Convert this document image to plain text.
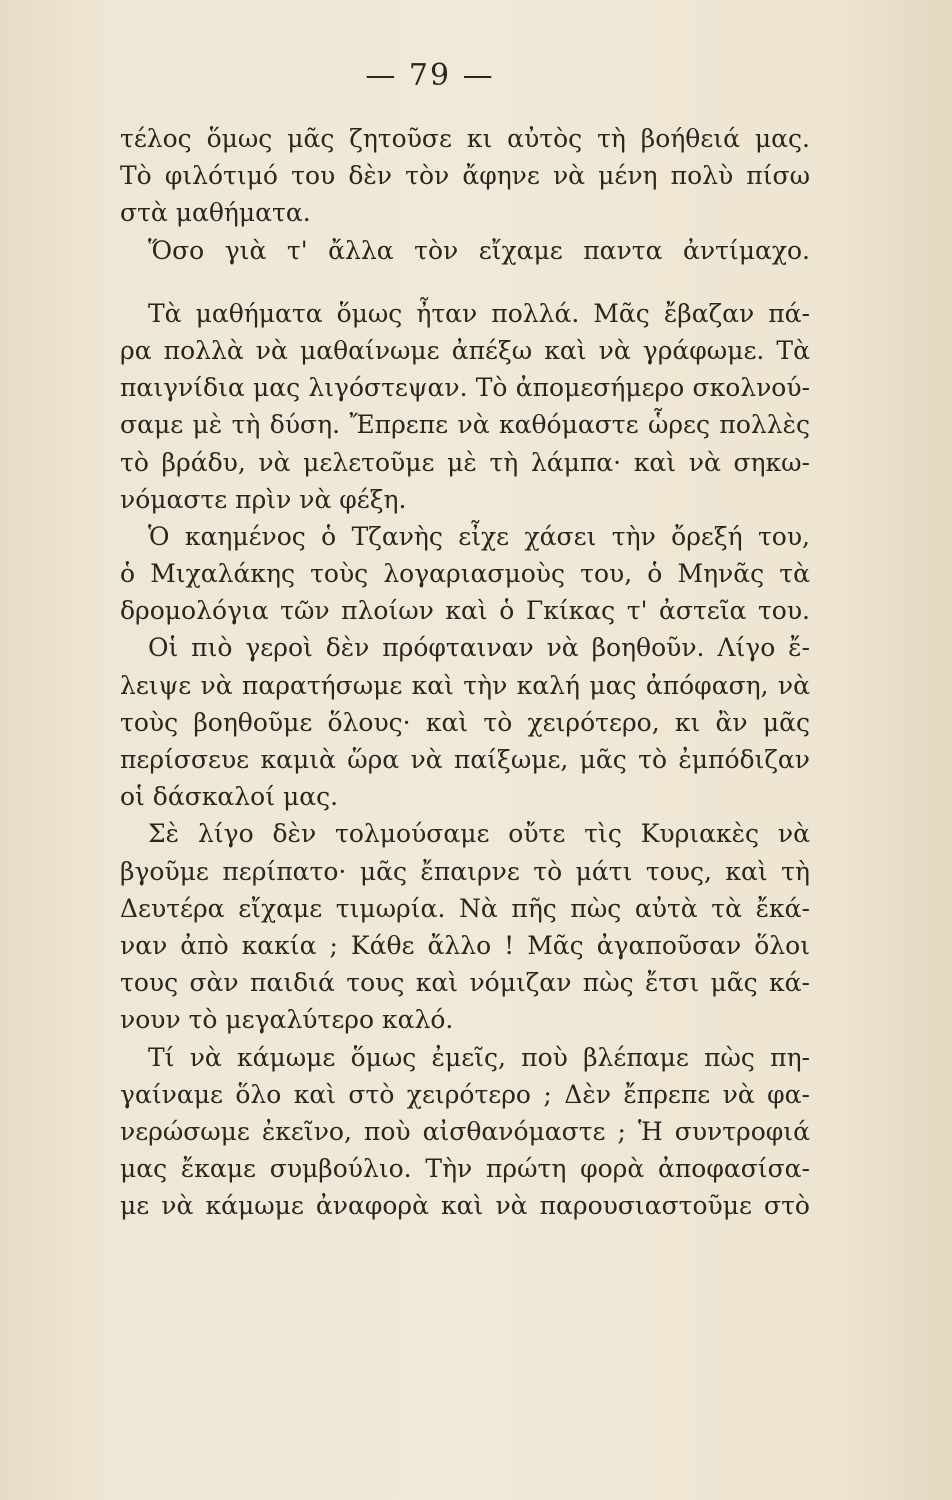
— 79 —
τέλος ὅμως μᾶς ζητοῦσε κι αὐτὸς τὴ βοήθειά μας.
Τὸ φιλότιμό του δὲν τὸν ἄφηνε νὰ μένη πολὺ πίσω
στὰ μαθήματα.
Ὅσο γιὰ τ' ἄλλα τὸν εἴχαμε παντα ἀντίμαχο.
Τὰ μαθήματα ὅμως ἦταν πολλά. Μᾶς ἔβαζαν πά-
ρα πολλὰ νὰ μαθαίνωμε ἀπέξω καὶ νὰ γράφωμε. Τὰ
παιγνίδια μας λιγόστεψαν. Τὸ ἀπομεσήμερο σκολνού-
σαμε μὲ τὴ δύση. Ἔπρεπε νὰ καθόμαστε ὧρες πολλὲς
τὸ βράδυ, νὰ μελετοῦμε μὲ τὴ λάμπα· καὶ νὰ σηκω-
νόμαστε πρὶν νὰ φέξη.
Ὁ καημένος ὁ Τζανὴς εἶχε χάσει τὴν ὄρεξή του,
ὁ Μιχαλάκης τοὺς λογαριασμοὺς του, ὁ Μηνᾶς τὰ
δρομολόγια τῶν πλοίων καὶ ὁ Γκίκας τ' ἀστεῖα του.
Οἱ πιὸ γεροὶ δὲν πρόφταιναν νὰ βοηθοῦν. Λίγο ἔ-
λειψε νὰ παρατήσωμε καὶ τὴν καλή μας ἀπόφαση, νὰ
τοὺς βοηθοῦμε ὅλους· καὶ τὸ χειρότερο, κι ἂν μᾶς
περίσσευε καμιὰ ὥρα νὰ παίξωμε, μᾶς τὸ ἐμπόδιζαν
οἱ δάσκαλοί μας.
Σὲ λίγο δὲν τολμούσαμε οὔτε τὶς Κυριακὲς νὰ
βγοῦμε περίπατο· μᾶς ἔπαιρνε τὸ μάτι τους, καὶ τὴ
Δευτέρα εἴχαμε τιμωρία. Νὰ πῆς πὼς αὐτὰ τὰ ἔκά-
ναν ἀπὸ κακία ; Κάθε ἄλλο ! Μᾶς ἀγαποῦσαν ὅλοι
τους σὰν παιδιά τους καὶ νόμιζαν πὼς ἔτσι μᾶς κά-
νουν τὸ μεγαλύτερο καλό.
Τί νὰ κάμωμε ὅμως ἐμεῖς, ποὺ βλέπαμε πὼς πη-
γαίναμε ὅλο καὶ στὸ χειρότερο ; Δὲν ἔπρεπε νὰ φα-
νερώσωμε ἐκεῖνο, ποὺ αἰσθανόμαστε ; Ἡ συντροφιά
μας ἔκαμε συμβούλιο. Τὴν πρώτη φορὰ ἀποφασίσα-
με νὰ κάμωμε ἀναφορὰ καὶ νὰ παρουσιαστοῦμε στὸ
